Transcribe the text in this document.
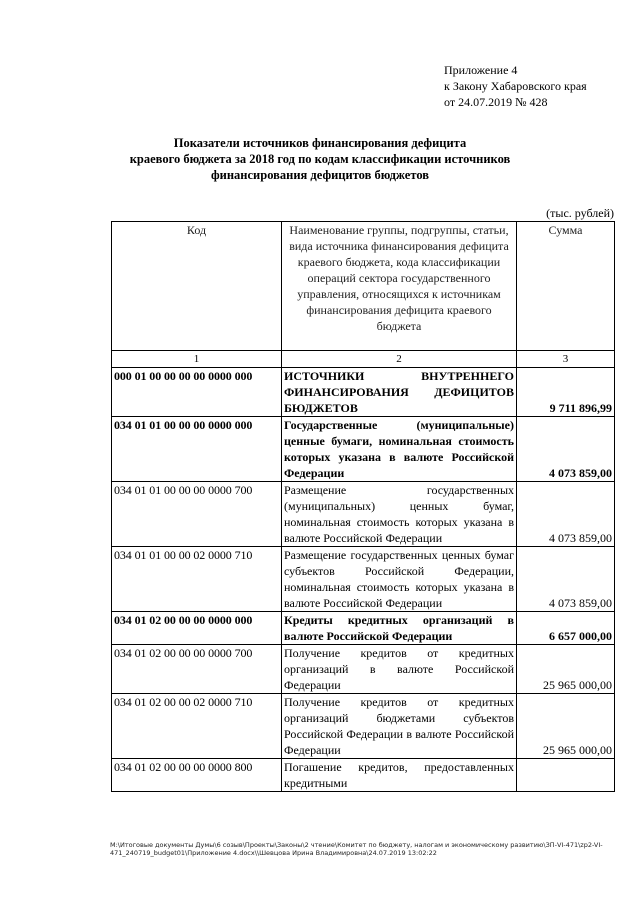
Приложение 4
к Закону Хабаровского края
от 24.07.2019 № 428
Показатели источников финансирования дефицита
краевого бюджета за 2018 год по кодам классификации источников
финансирования дефицитов бюджетов
(тыс. рублей)
Код	Наименование группы, подгруппы, статьи, вида источника финансирования дефицита краевого бюджета, кода классификации операций сектора государственного управления, относящихся к источникам финансирования дефицита краевого бюджета	Сумма
1	2	3
000 01 00 00 00 00 0000 000	ИСТОЧНИКИ ВНУТРЕННЕГО ФИНАНСИРОВАНИЯ ДЕФИЦИТОВ БЮДЖЕТОВ	9 711 896,99
034 01 01 00 00 00 0000 000	Государственные (муниципальные) ценные бумаги, номинальная стоимость которых указана в валюте Российской Федерации	4 073 859,00
034 01 01 00 00 00 0000 700	Размещение государственных (муниципальных) ценных бумаг, номинальная стоимость которых указана в валюте Российской Федерации	4 073 859,00
034 01 01 00 00 02 0000 710	Размещение государственных ценных бумаг субъектов Российской Федерации, номинальная стоимость которых указана в валюте Российской Федерации	4 073 859,00
034 01 02 00 00 00 0000 000	Кредиты кредитных организаций в валюте Российской Федерации	6 657 000,00
034 01 02 00 00 00 0000 700	Получение кредитов от кредитных организаций в валюте Российской Федерации	25 965 000,00
034 01 02 00 00 02 0000 710	Получение кредитов от кредитных организаций бюджетами субъектов Российской Федерации в валюте Российской Федерации	25 965 000,00
034 01 02 00 00 00 0000 800	Погашение кредитов, предоставленных кредитными	
M:\Итоговые документы Думы\6 созыв\Проекты\Законы\2 чтение\Комитет по бюджету, налогам и экономическому развитию\ЗП-VI-471\zp2-VI-
471_240719_budget01\Приложение 4.docx\\Шевцова Ирина Владимировна\24.07.2019 13:02:22
